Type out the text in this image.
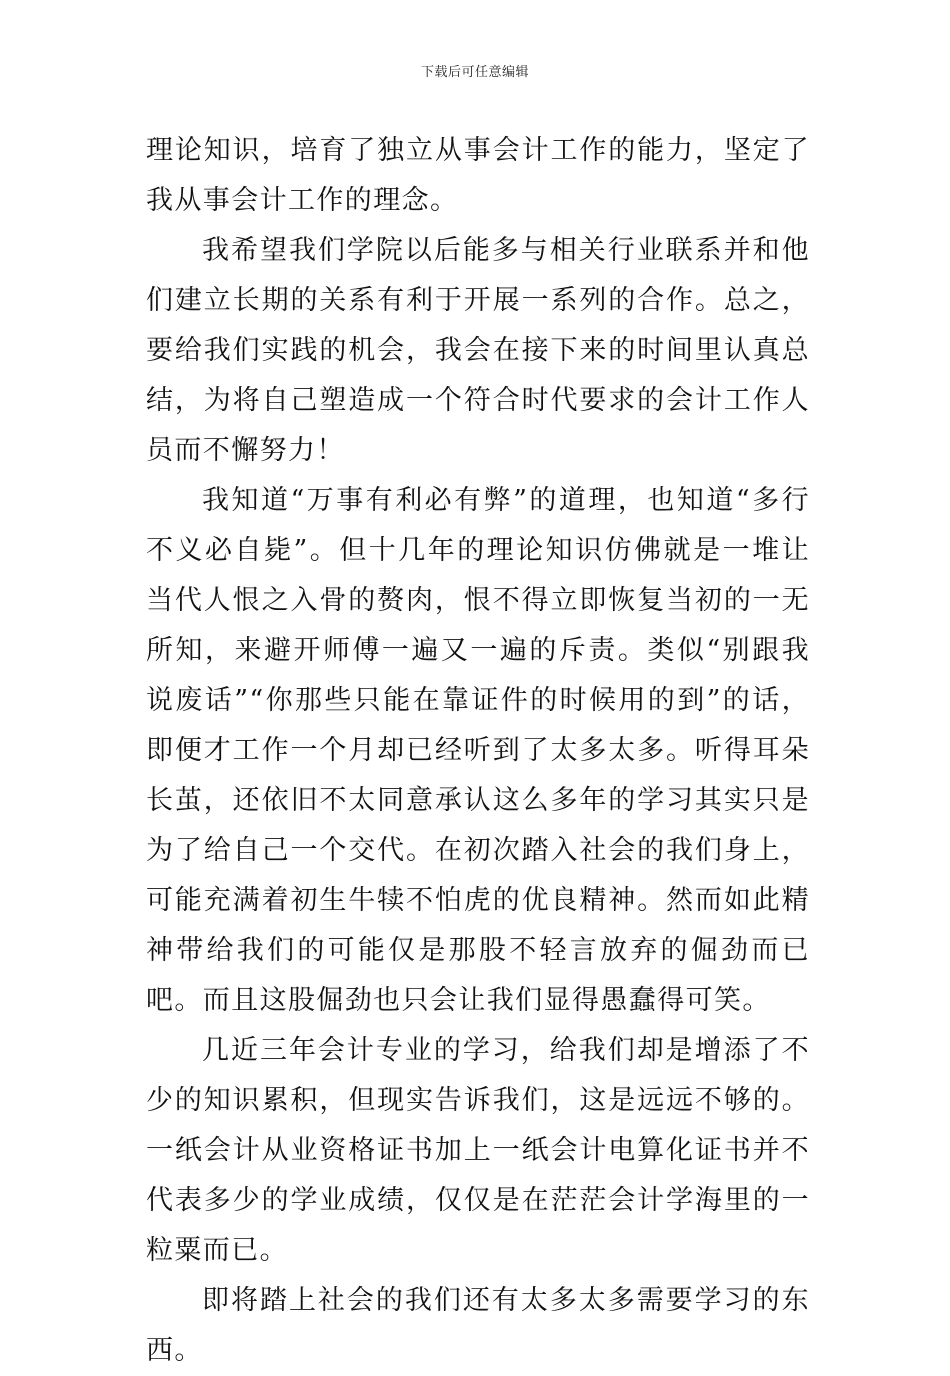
下载后可任意编辑

理论知识，培育了独立从事会计工作的能力，坚定了我从事会计工作的理念。

我希望我们学院以后能多与相关行业联系并和他们建立长期的关系有利于开展一系列的合作。总之，要给我们实践的机会，我会在接下来的时间里认真总结，为将自己塑造成一个符合时代要求的会计工作人员而不懈努力！

我知道“万事有利必有弊”的道理，也知道“多行不义必自毙”。但十几年的理论知识仿佛就是一堆让当代人恨之入骨的赘肉，恨不得立即恢复当初的一无所知，来避开师傅一遍又一遍的斥责。类似“别跟我说废话”“你那些只能在靠证件的时候用的到”的话，即便才工作一个月却已经听到了太多太多。听得耳朵长茧，还依旧不太同意承认这么多年的学习其实只是为了给自己一个交代。在初次踏入社会的我们身上，可能充满着初生牛犊不怕虎的优良精神。然而如此精神带给我们的可能仅是那股不轻言放弃的倔劲而已吧。而且这股倔劲也只会让我们显得愚蠢得可笑。

几近三年会计专业的学习，给我们却是增添了不少的知识累积，但现实告诉我们，这是远远不够的。一纸会计从业资格证书加上一纸会计电算化证书并不代表多少的学业成绩，仅仅是在茫茫会计学海里的一粒粟而已。

即将踏上社会的我们还有太多太多需要学习的东西。
